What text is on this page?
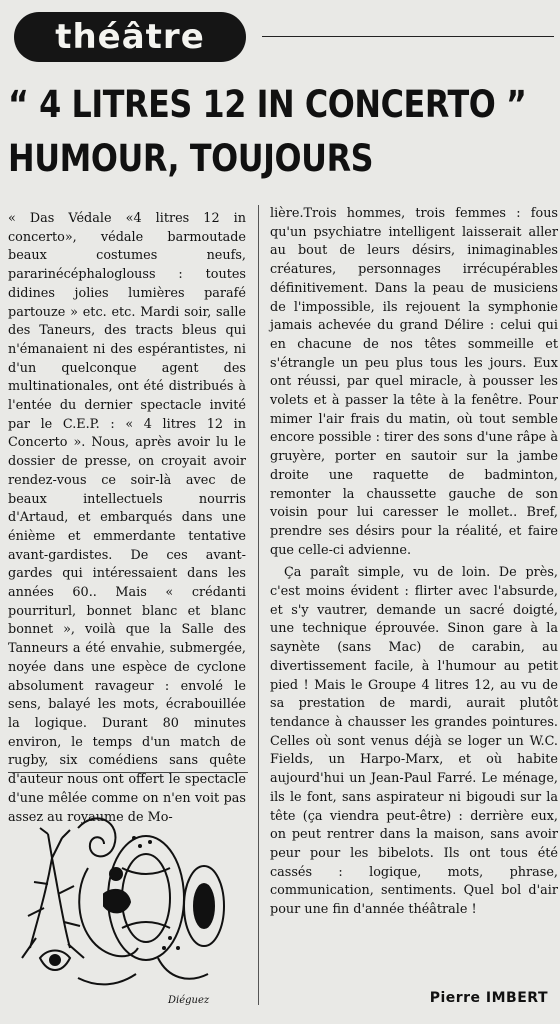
théâtre
“ 4 LITRES 12 IN CONCERTO ”
HUMOUR, TOUJOURS

« Das Védale «4 litres 12 in concerto», védale barmoutade beaux costumes neufs, pararinécéphaloglouss : toutes didines jolies lumières parafé partouze » etc. etc. Mardi soir, salle des Taneurs, des tracts bleus qui n'émanaient ni des espérantistes, ni d'un quelconque agent des multinationales, ont été distribués à l'entée du dernier spectacle invité par le C.E.P. : « 4 litres 12 in Concerto ». Nous, après avoir lu le dossier de presse, on croyait avoir rendez-vous ce soir-là avec de beaux intellectuels nourris d'Artaud, et embarqués dans une énième et emmerdante tentative avant-gardistes. De ces avant-gardes qui intéressaient dans les années 60.. Mais « crédanti pourriturl, bonnet blanc et blanc bonnet », voilà que la Salle des Tanneurs a été envahie, submergée, noyée dans une espèce de cyclone absolument ravageur : envolé le sens, balayé les mots, écrabouillée la logique. Durant 80 minutes environ, le temps d'un match de rugby, six comédiens sans quête d'auteur nous ont offert le spectacle d'une mêlée comme on n'en voit pas assez au royaume de Mo-

lière.Trois hommes, trois femmes : fous qu'un psychiatre intelligent laisserait aller au bout de leurs désirs, inimaginables créatures, personnages irrécupérables définitivement. Dans la peau de musiciens de l'impossible, ils rejouent la symphonie jamais achevée du grand Délire : celui qui en chacune de nos têtes sommeille et s'étrangle un peu plus tous les jours. Eux ont réussi, par quel miracle, à pousser les volets et à passer la tête à la fenêtre. Pour mimer l'air frais du matin, où tout semble encore possible : tirer des sons d'une râpe à gruyère, porter en sautoir sur la jambe droite une raquette de badminton, remonter la chaussette gauche de son voisin pour lui caresser le mollet.. Bref, prendre ses désirs pour la réalité, et faire que celle-ci advienne.

Ça paraît simple, vu de loin. De près, c'est moins évident : flirter avec l'absurde, et s'y vautrer, demande un sacré doigté, une technique éprouvée. Sinon gare à la saynète (sans Mac) de carabin, au divertissement facile, à l'humour au petit pied ! Mais le Groupe 4 litres 12, au vu de sa prestation de mardi, aurait plutôt tendance à chausser les grandes pointures. Celles où sont venus déjà se loger un W.C. Fields, un Harpo-Marx, et où habite aujourd'hui un Jean-Paul Farré. Le ménage, ils le font, sans aspirateur ni bigoudi sur la tête (ça viendra peut-être) : derrière eux, on peut rentrer dans la maison, sans avoir peur pour les bibelots. Ils ont tous été cassés : logique, mots, phrase, communication, sentiments. Quel bol d'air pour une fin d'année théâtrale !

Diéguez	Pierre IMBERT
